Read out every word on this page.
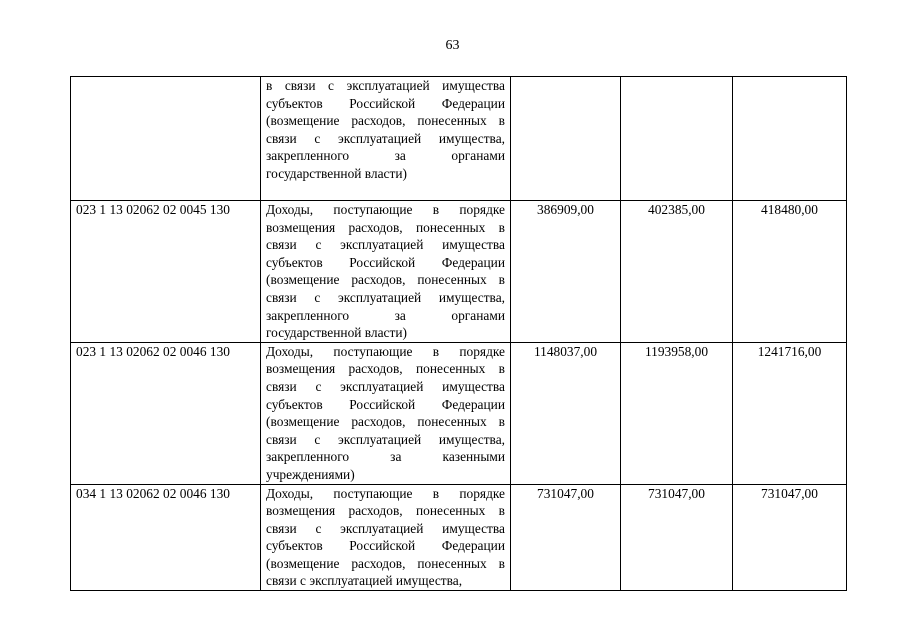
63

	в связи с эксплуатацией имущества субъектов Российской Федерации (возмещение расходов, понесенных в связи с эксплуатацией имущества, закрепленного за органами государственной власти)			

023 1 13 02062 02 0045 130	Доходы, поступающие в порядке возмещения расходов, понесенных в связи с эксплуатацией имущества субъектов Российской Федерации (возмещение расходов, понесенных в связи с эксплуатацией имущества, закрепленного за органами государственной власти)	386909,00	402385,00	418480,00
023 1 13 02062 02 0046 130	Доходы, поступающие в порядке возмещения расходов, понесенных в связи с эксплуатацией имущества субъектов Российской Федерации (возмещение расходов, понесенных в связи с эксплуатацией имущества, закрепленного за казенными учреждениями)	1148037,00	1193958,00	1241716,00
034 1 13 02062 02 0046 130	Доходы, поступающие в порядке возмещения расходов, понесенных в связи с эксплуатацией имущества субъектов Российской Федерации (возмещение расходов, понесенных в связи с эксплуатацией имущества,	731047,00	731047,00	731047,00
